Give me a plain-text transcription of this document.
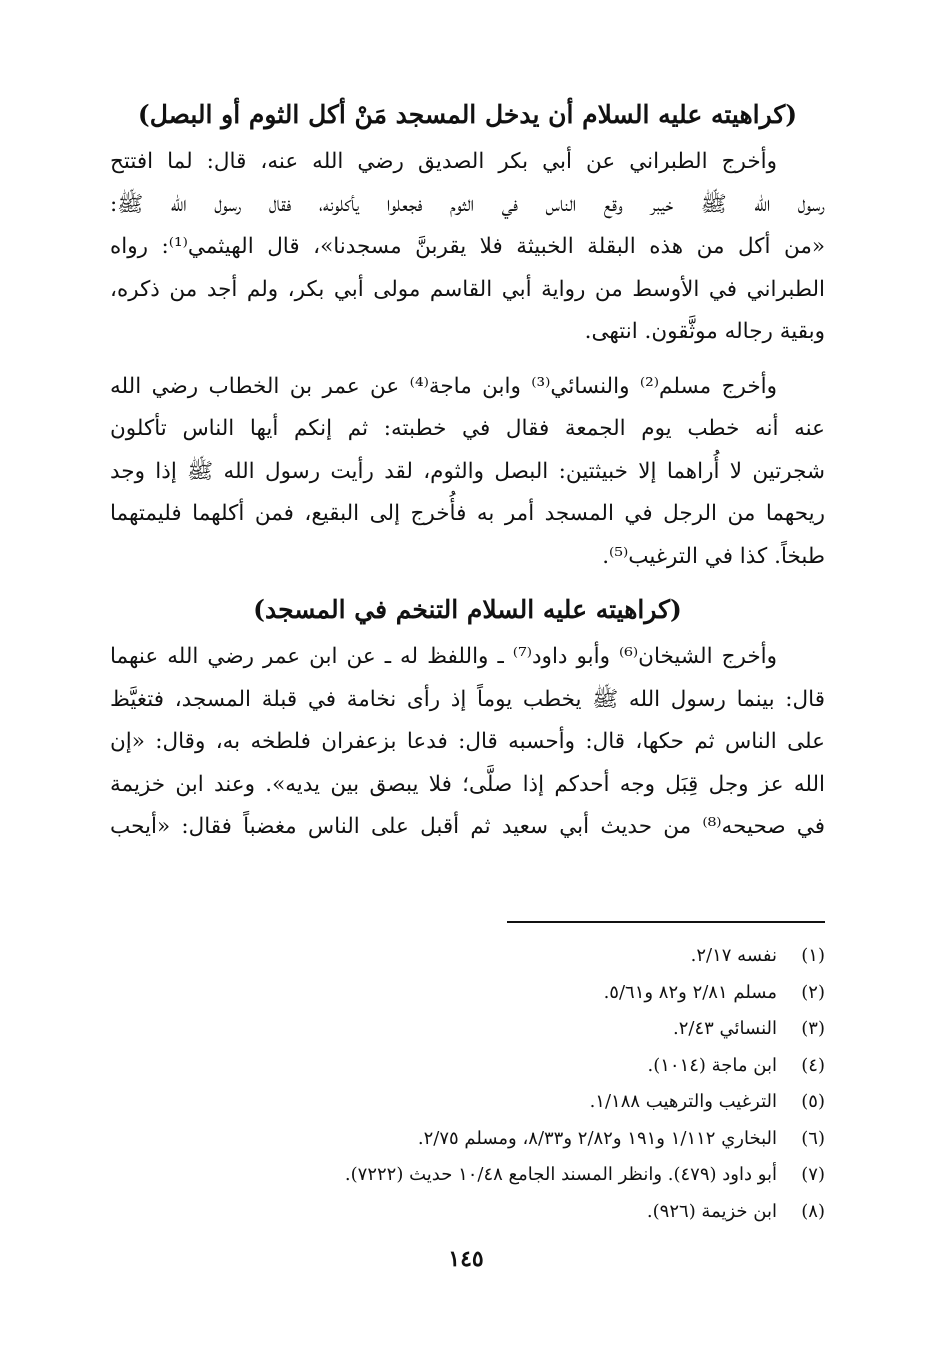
(كراهيته عليه السلام أن يدخل المسجد مَنْ أكل الثوم أو البصل)
وأخرج الطبراني عن أبي بكر الصديق رضي الله عنه، قال: لما افتتح
رسول الله ﷺ خيبر وقع الناس في الثوم فجعلوا يأكلونه، فقال رسول الله ﷺ:
«من أكل من هذه البقلة الخبيثة فلا يقربنَّ مسجدنا»، قال الهيثمي⁽¹⁾: رواه
الطبراني في الأوسط من رواية أبي القاسم مولى أبي بكر، ولم أجد من ذكره،
وبقية رجاله موثَّقون. انتهى.
وأخرج مسلم⁽²⁾ والنسائي⁽³⁾ وابن ماجة⁽⁴⁾ عن عمر بن الخطاب رضي الله
عنه أنه خطب يوم الجمعة فقال في خطبته: ثم إنكم أيها الناس تأكلون
شجرتين لا أُراهما إلا خبيثتين: البصل والثوم، لقد رأيت رسول الله ﷺ إذا وجد
ريحهما من الرجل في المسجد أمر به فأُخرج إلى البقيع، فمن أكلهما فليمتهما
طبخاً. كذا في الترغيب⁽⁵⁾.
(كراهيته عليه السلام التنخم في المسجد)
وأخرج الشيخان⁽⁶⁾ وأبو داود⁽⁷⁾ ـ واللفظ له ـ عن ابن عمر رضي الله عنهما
قال: بينما رسول الله ﷺ يخطب يوماً إذ رأى نخامة في قبلة المسجد، فتغيَّظ
على الناس ثم حكها، قال: وأحسبه قال: فدعا بزعفران فلطخه به، وقال: «إن
الله عز وجل قِبَل وجه أحدكم إذا صلَّى؛ فلا يبصق بين يديه». وعند ابن خزيمة
في صحيحه⁽⁸⁾ من حديث أبي سعيد ثم أقبل على الناس مغضباً فقال: «أيحب
(١)نفسه ٢/١٧.
(٢)مسلم ٢/٨١ و٨٢ و٥/٦١.
(٣)النسائي ٢/٤٣.
(٤)ابن ماجة (١٠١٤).
(٥)الترغيب والترهيب ١/١٨٨.
(٦)البخاري ١/١١٢ و١٩١ و٢/٨٢ و٨/٣٣، ومسلم ٢/٧٥.
(٧)أبو داود (٤٧٩). وانظر المسند الجامع ١٠/٤٨ حديث (٧٢٢٢).
(٨)ابن خزيمة (٩٢٦).
١٤٥
